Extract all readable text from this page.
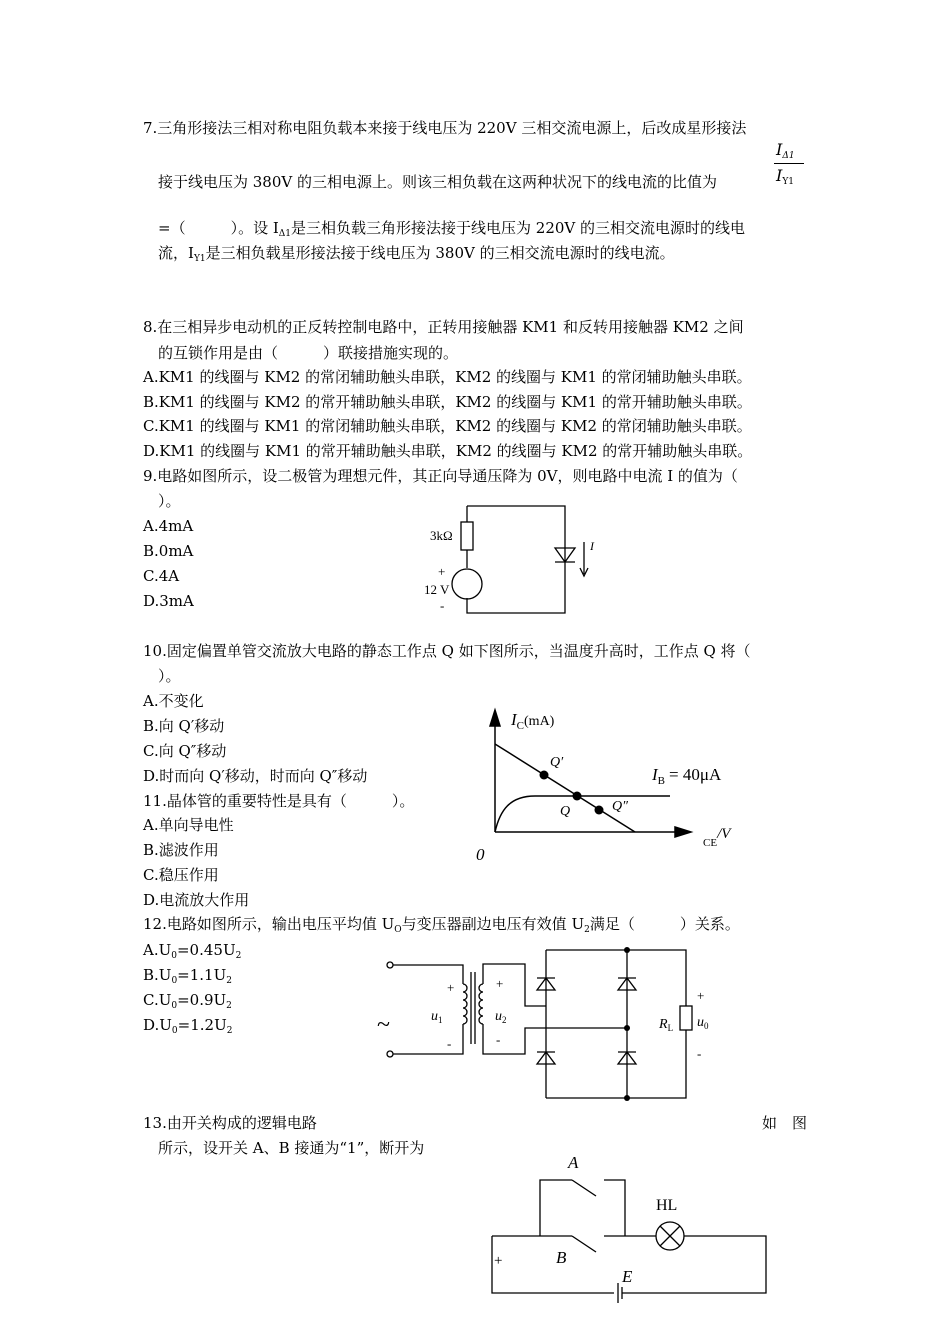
7.三角形接法三相对称电阻负载本来接于线电压为 220V 三相交流电源上，后改成星形接法
$I_{\Delta 1}$
接于线电压为 380V 的三相电源上。则该三相负载在这两种状况下的线电流的比值为	$I_{Y1}$
=（　　　）。设 $I_{\Delta 1}$是三相负载三角形接法接于线电压为 220V 的三相交流电源时的线电
流，$I_{Y1}$是三相负载星形接法接于线电压为 380V 的三相交流电源时的线电流。
8.在三相异步电动机的正反转控制电路中，正转用接触器 KM1 和反转用接触器 KM2 之间
的互锁作用是由（　　　）联接措施实现的。
A.KM1 的线圈与 KM2 的常闭辅助触头串联，KM2 的线圈与 KM1 的常闭辅助触头串联。
B.KM1 的线圈与 KM2 的常开辅助触头串联，KM2 的线圈与 KM1 的常开辅助触头串联。
C.KM1 的线圈与 KM1 的常闭辅助触头串联，KM2 的线圈与 KM2 的常闭辅助触头串联。
D.KM1 的线圈与 KM1 的常开辅助触头串联，KM2 的线圈与 KM2 的常开辅助触头串联。
9.电路如图所示，设二极管为理想元件，其正向导通压降为 0V，则电路中电流 I 的值为（
）。
A.4mA
B.0mA
C.4A
D.3mA
3kΩ
+
12 V
-
I
10.固定偏置单管交流放大电路的静态工作点 Q 如下图所示，当温度升高时，工作点 Q 将（
）。
A.不变化
B.向 Q′移动
C.向 Q″移动
D.时而向 Q′移动，时而向 Q″移动
$I_C^{(mA)}$
Q′
Q	Q″
$I_B = 40\mu A$
0
CE/V
11.晶体管的重要特性是具有（　　　）。
A.单向导电性
B.滤波作用
C.稳压作用
D.电流放大作用
12.电路如图所示，输出电压平均值 $U_O$与变压器副边电压有效值 $U_2$满足（　　　）关系。
$A.U_0=0.45U_2$
$B.U_0=1.1U_2$
$C.U_0=0.9U_2$
$D.U_0=1.2U_2$	~
+
-
$u_1$
+
-
$u_2$	$R_L$
+
$u_0$
-
13.由开关构成的逻辑电路	如　图
所示，设开关 A、B 接通为“1”，断开为
A
B
HL
E
+
